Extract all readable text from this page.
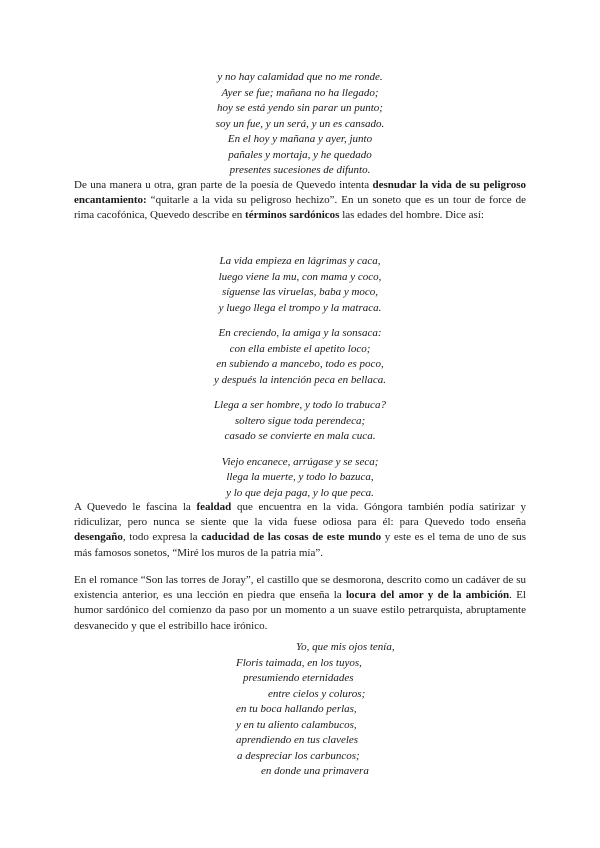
y no hay calamidad que no me ronde.
Ayer se fue; mañana no ha llegado;
hoy se está yendo sin parar un punto;
soy un fue, y un será, y un es cansado.
En el hoy y mañana y ayer, junto
pañales y mortaja, y he quedado
presentes sucesiones de difunto.

De una manera u otra, gran parte de la poesía de Quevedo intenta desnudar la vida de su peligroso encantamiento: “quitarle a la vida su peligroso hechizo”. En un soneto que es un tour de force de rima cacofónica, Quevedo describe en términos sardónicos las edades del hombre. Dice así:

La vida empieza en lágrimas y caca,
luego viene la mu, con mama y coco,
síguense las viruelas, baba y moco,
y luego llega el trompo y la matraca.
En creciendo, la amiga y la sonsaca:
con ella embiste el apetito loco;
en subiendo a mancebo, todo es poco,
y después la intención peca en bellaca.
Llega a ser hombre, y todo lo trabuca?
soltero sigue toda perendeca;
casado se convierte en mala cuca.
Viejo encanece, arrúgase y se seca;
llega la muerte, y todo lo bazuca,
y lo que deja paga, y lo que peca.

A Quevedo le fascina la fealdad que encuentra en la vida. Góngora también podía satirizar y ridiculizar, pero nunca se siente que la vida fuese odiosa para él: para Quevedo todo enseña desengaño, todo expresa la caducidad de las cosas de este mundo y este es el tema de uno de sus más famosos sonetos, “Miré los muros de la patria mía”.

En el romance “Son las torres de Joray”, el castillo que se desmorona, descrito como un cadáver de su existencia anterior, es una lección en piedra que enseña la locura del amor y de la ambición. El humor sardónico del comienzo da paso por un momento a un suave estilo petrarquista, abruptamente desvanecido y que el estribillo hace irónico.

Yo, que mis ojos tenía,
Floris taimada, en los tuyos,
presumiendo eternidades
entre cielos y coluros;
en tu boca hallando perlas,
y en tu aliento calambucos,
aprendiendo en tus claveles
a despreciar los carbuncos;
en donde una primavera
